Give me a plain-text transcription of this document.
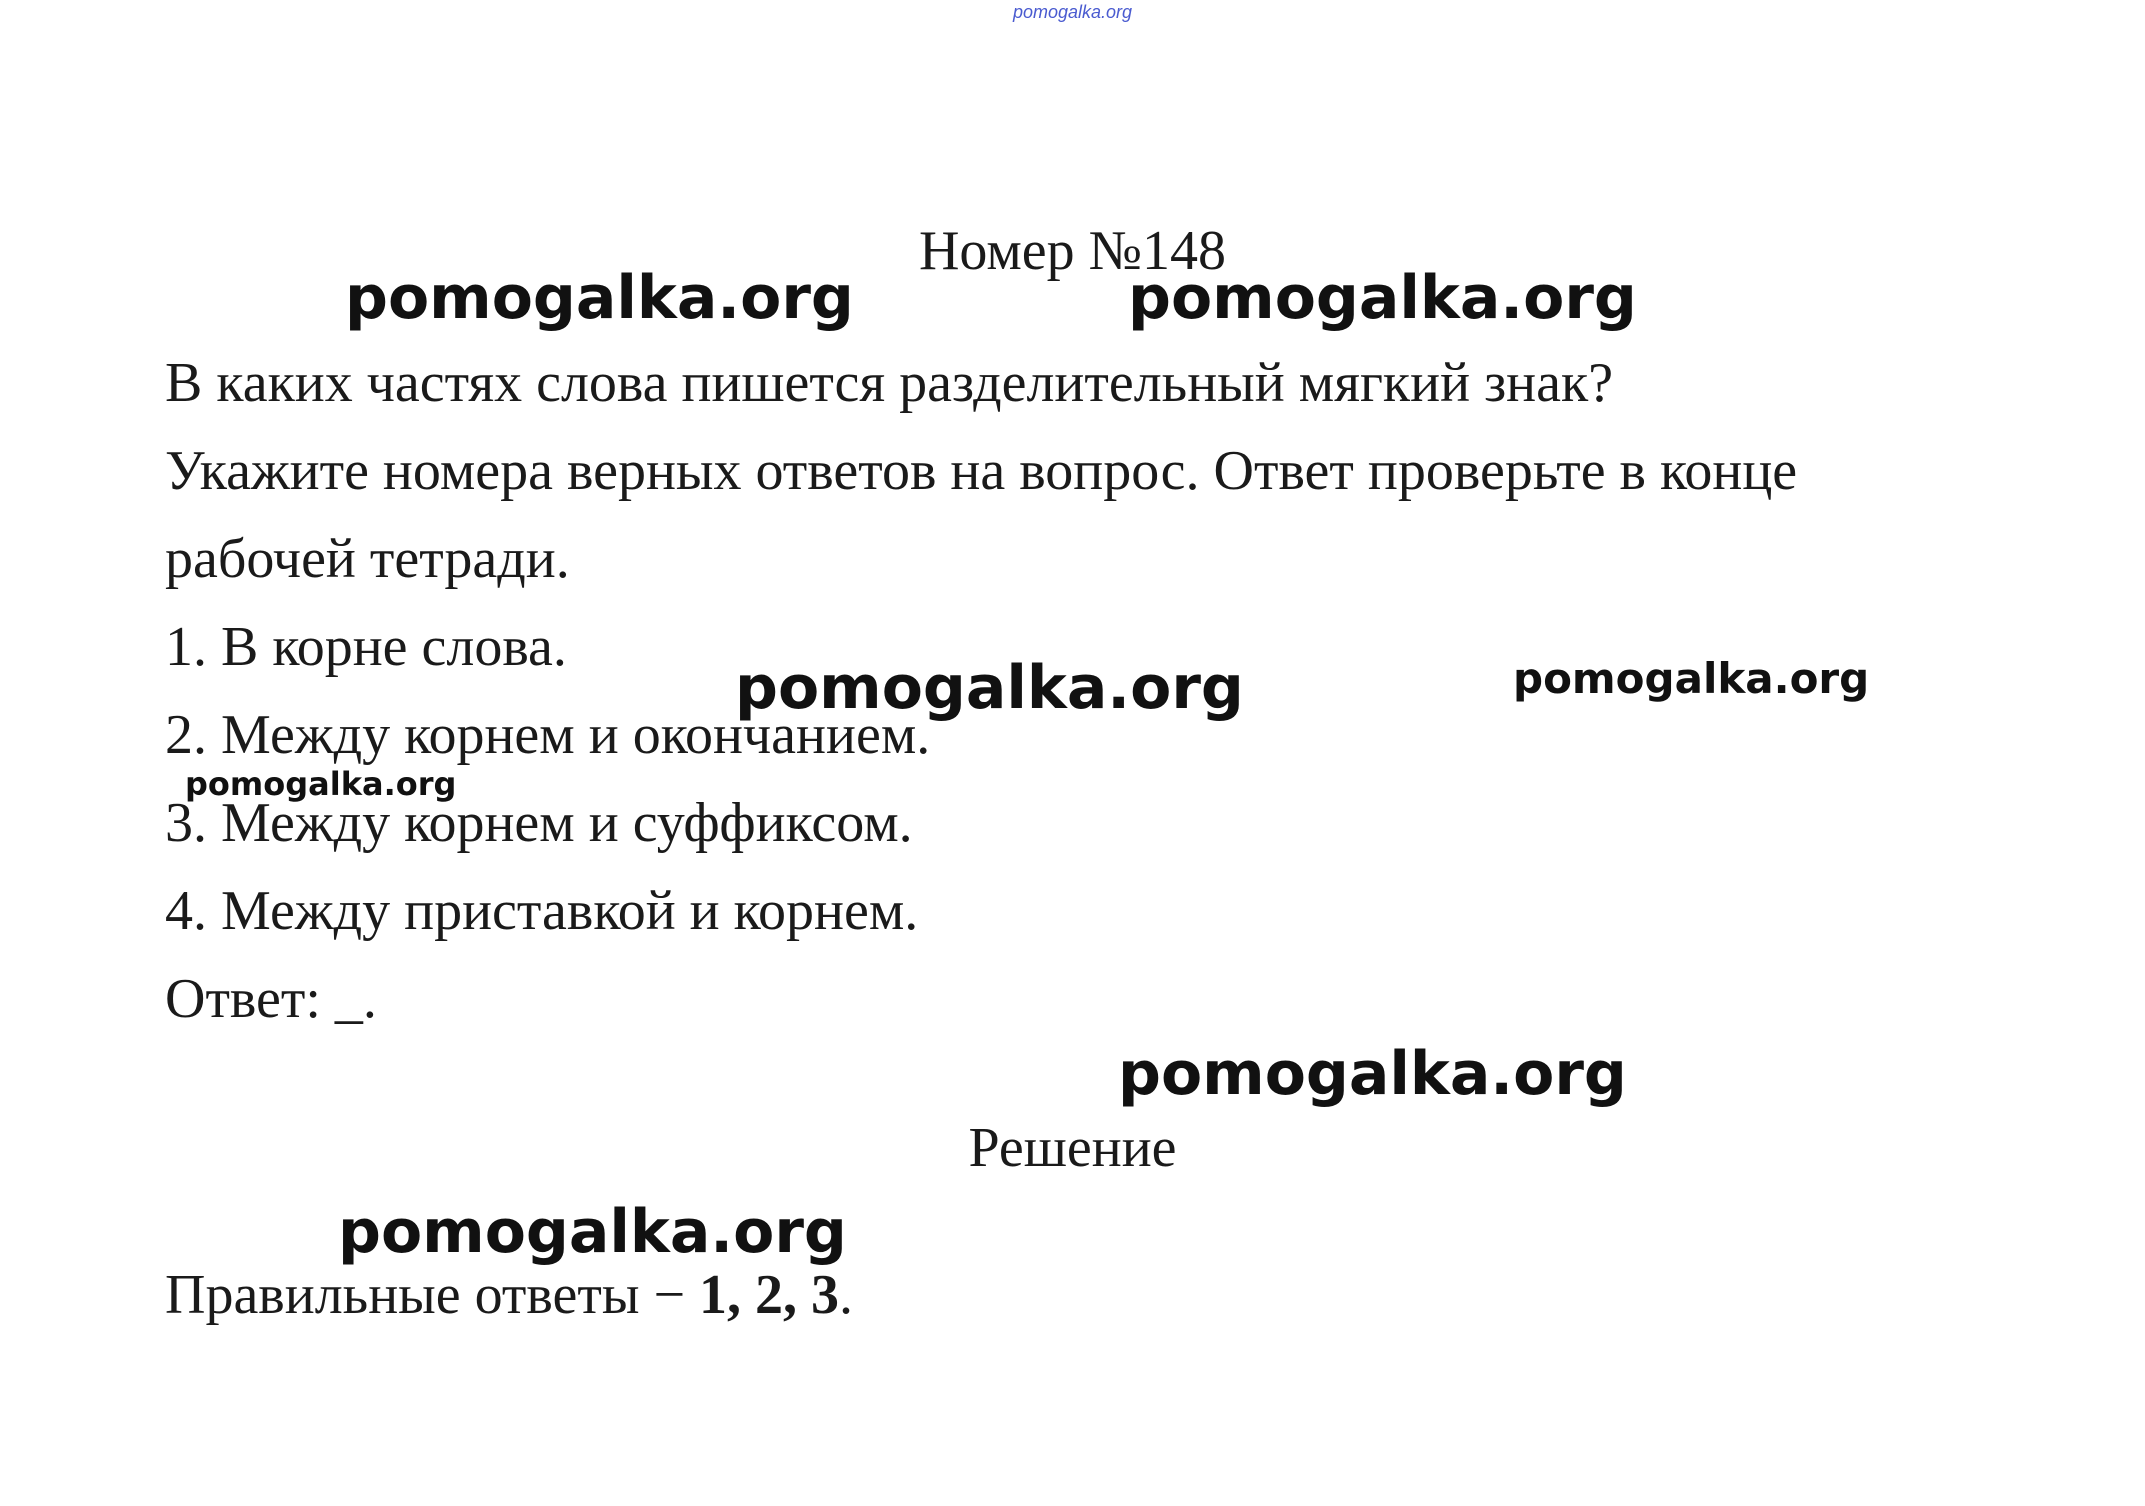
pomogalka.org
Номер №148
В каких частях слова пишется разделительный мягкий знак?
Укажите номера верных ответов на вопрос. Ответ проверьте в конце
рабочей тетради.
1. В корне слова.
2. Между корнем и окончанием.
3. Между корнем и суффиксом.
4. Между приставкой и корнем.
Ответ: _.
Решение
Правильные ответы − 1, 2, 3.
pomogalka.org	pomogalka.org
pomogalka.org	pomogalka.org
pomogalka.org
pomogalka.org
pomogalka.org
